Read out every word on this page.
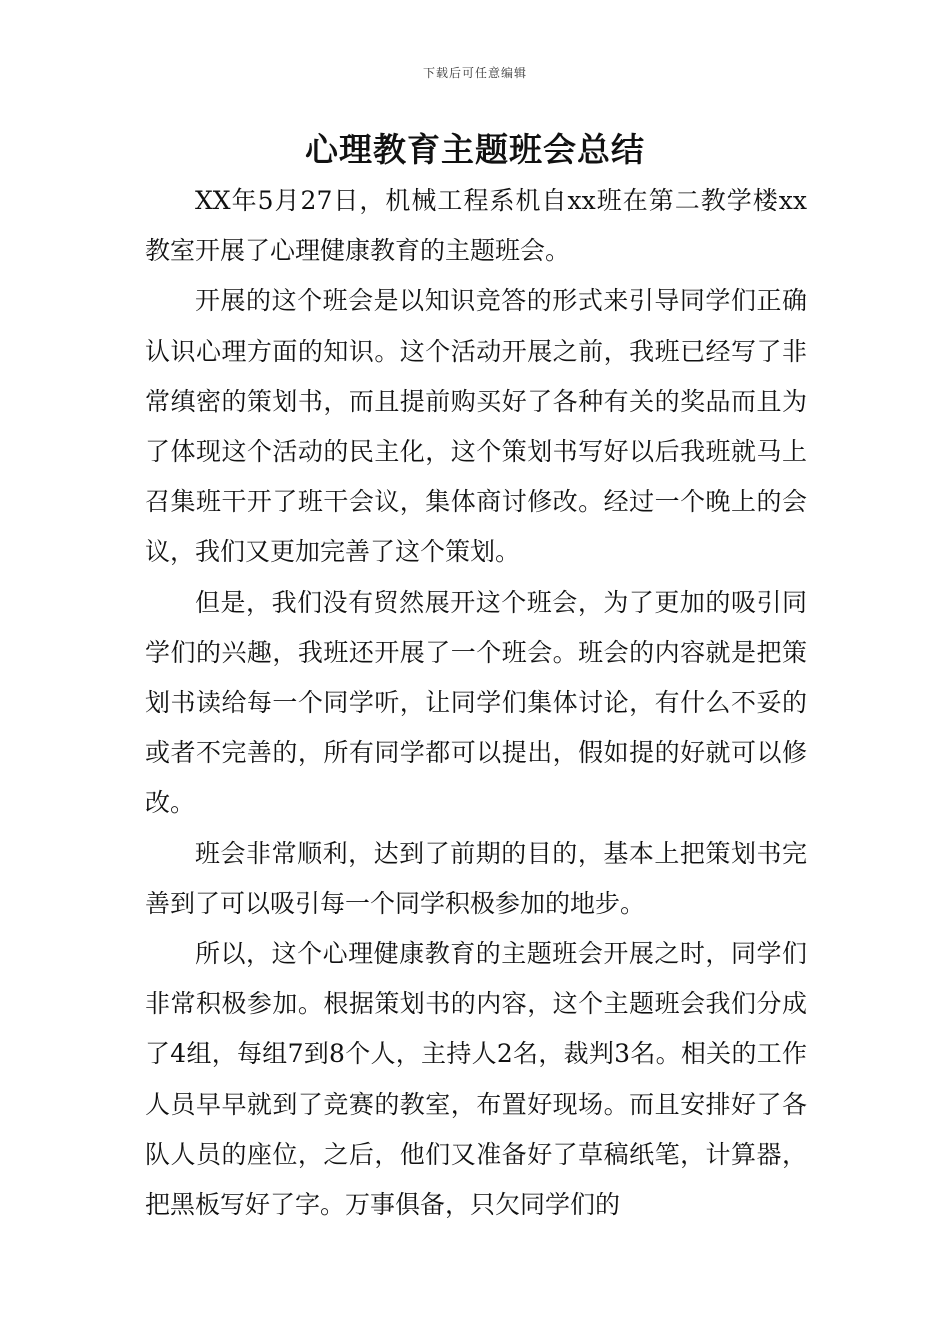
下载后可任意编辑
心理教育主题班会总结

XX年5月27日，机械工程系机自xx班在第二教学楼xx教室开展了心理健康教育的主题班会。

开展的这个班会是以知识竞答的形式来引导同学们正确认识心理方面的知识。这个活动开展之前，我班已经写了非常缜密的策划书，而且提前购买好了各种有关的奖品而且为了体现这个活动的民主化，这个策划书写好以后我班就马上召集班干开了班干会议，集体商讨修改。经过一个晚上的会议，我们又更加完善了这个策划。

但是，我们没有贸然展开这个班会，为了更加的吸引同学们的兴趣，我班还开展了一个班会。班会的内容就是把策划书读给每一个同学听，让同学们集体讨论，有什么不妥的或者不完善的，所有同学都可以提出，假如提的好就可以修改。

班会非常顺利，达到了前期的目的，基本上把策划书完善到了可以吸引每一个同学积极参加的地步。

所以，这个心理健康教育的主题班会开展之时，同学们非常积极参加。根据策划书的内容，这个主题班会我们分成了4组，每组7到8个人，主持人2名，裁判3名。相关的工作人员早早就到了竞赛的教室，布置好现场。而且安排好了各队人员的座位，之后，他们又准备好了草稿纸笔，计算器，把黑板写好了字。万事俱备，只欠同学们的
